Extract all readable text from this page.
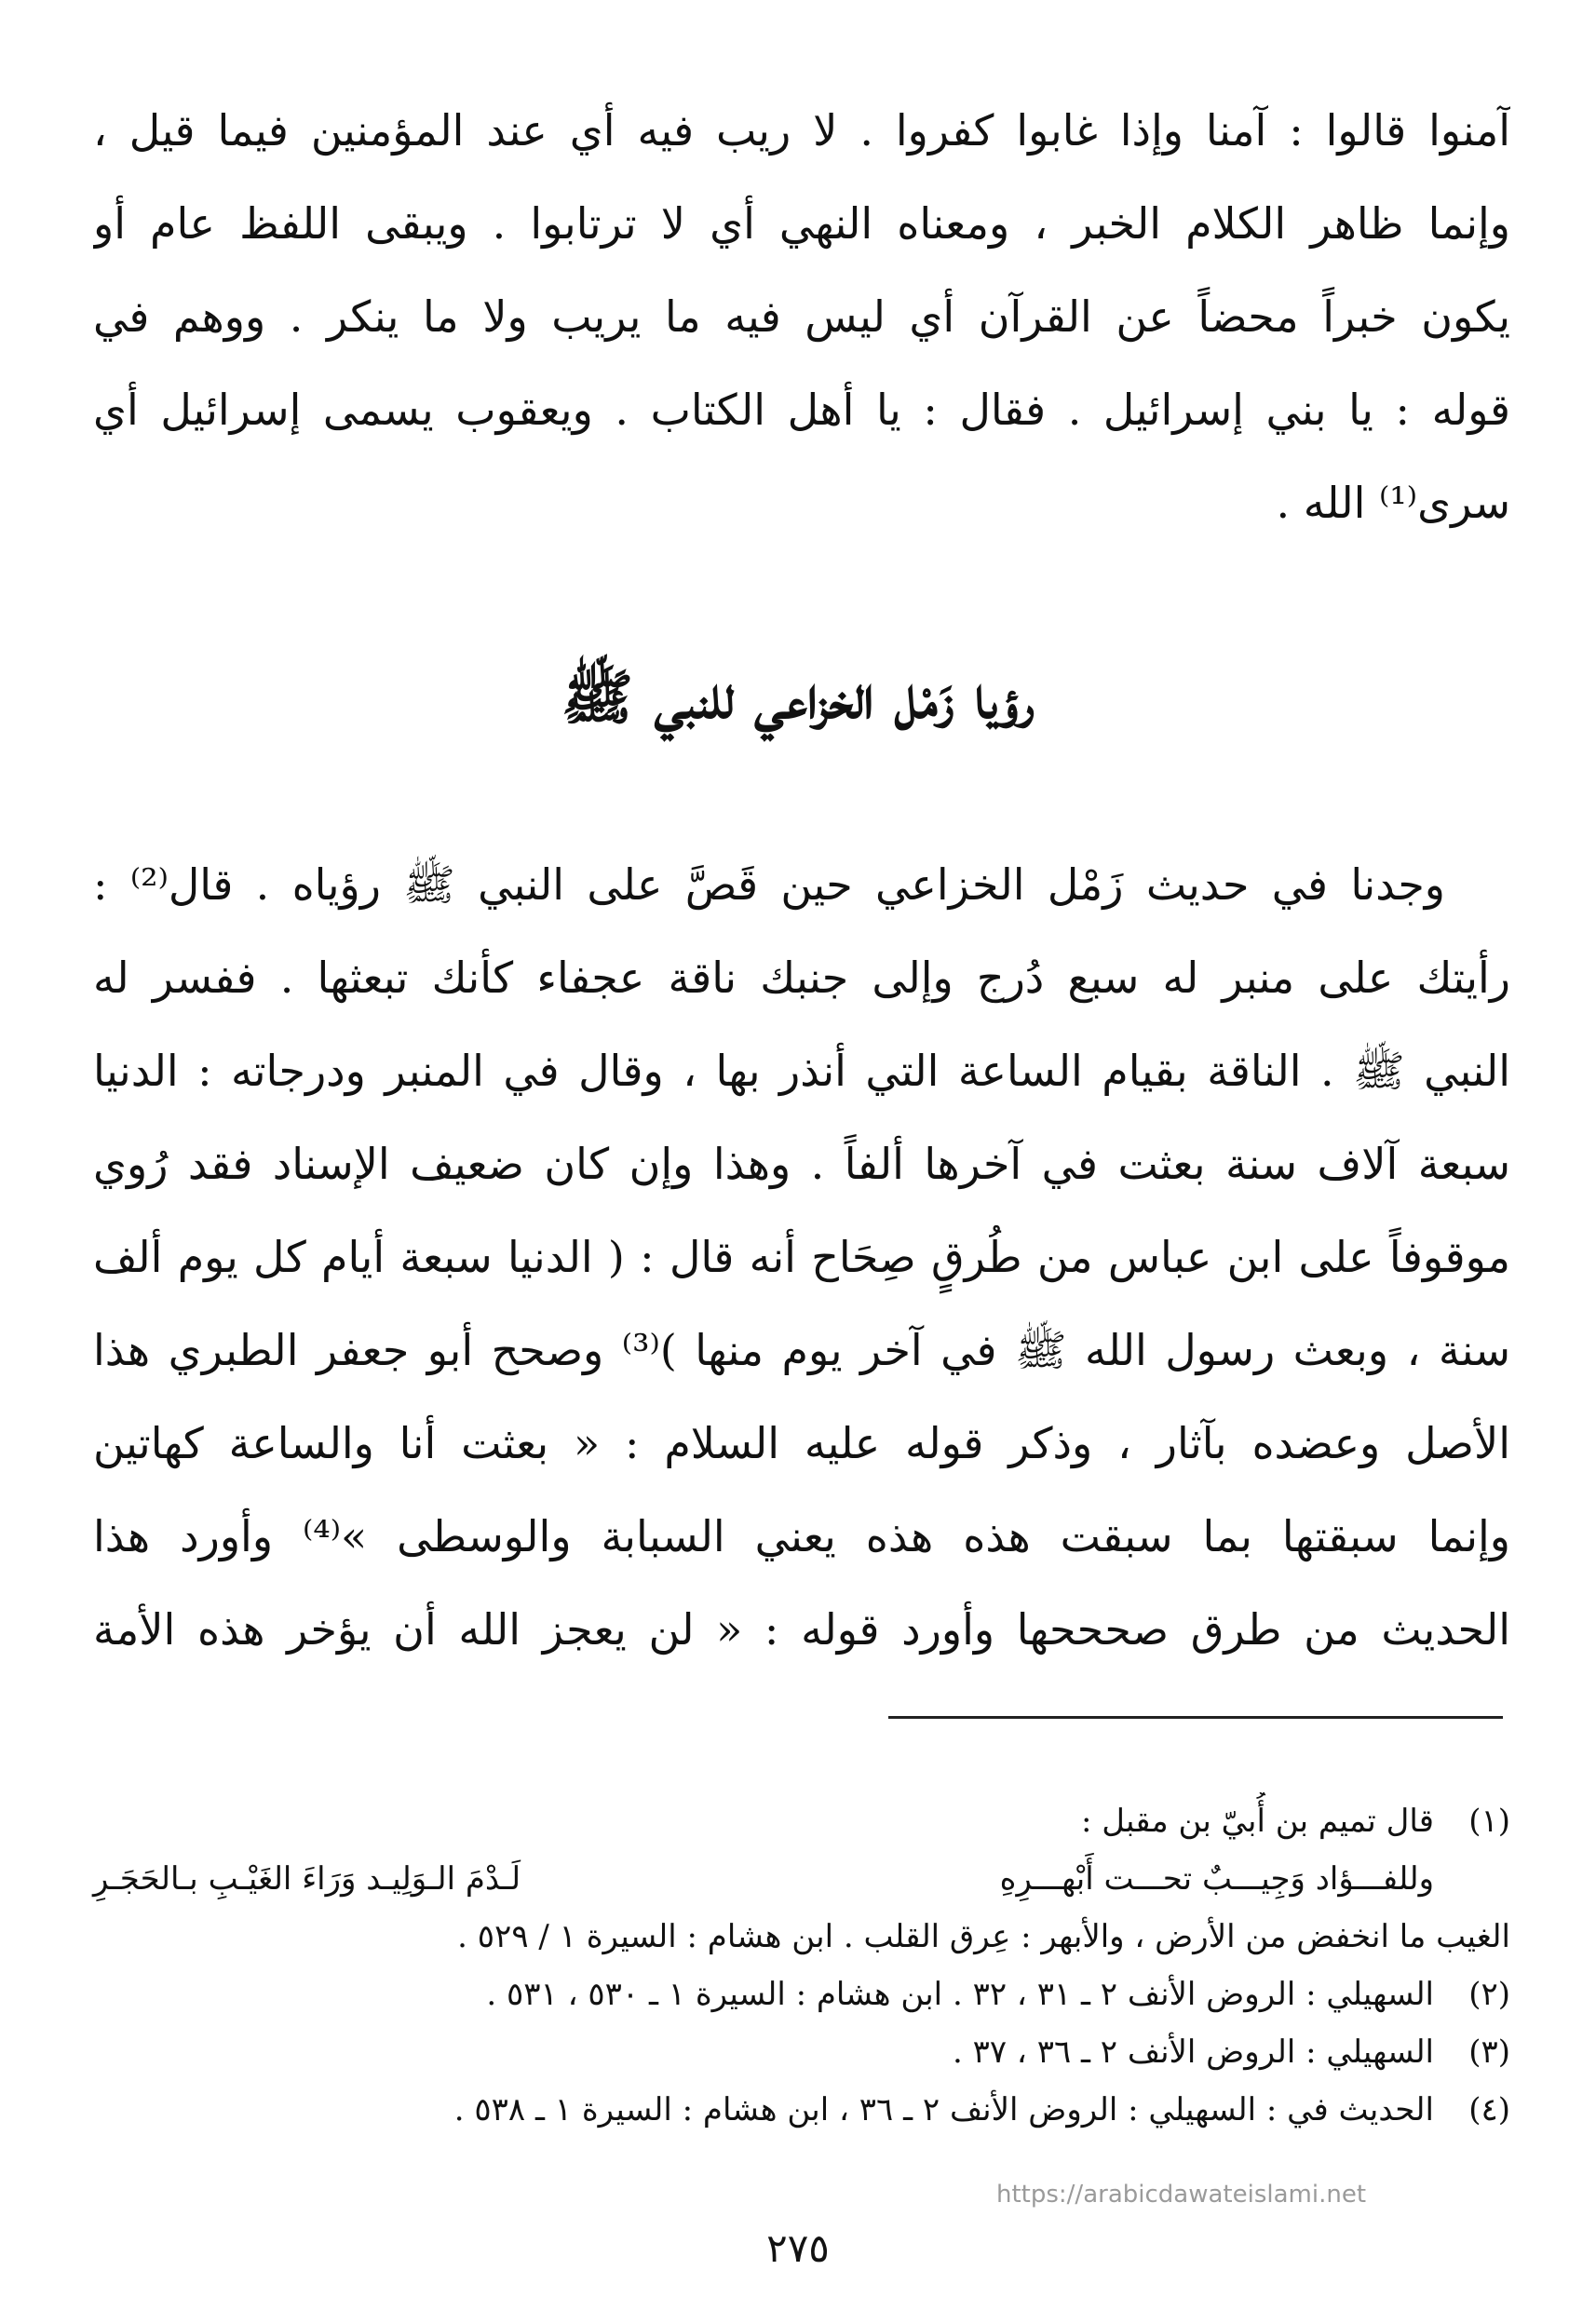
آمنوا قالوا : آمنا وإذا غابوا كفروا . لا ريب فيه أي عند المؤمنين فيما قيل ،
وإنما ظاهر الكلام الخبر ، ومعناه النهي أي لا ترتابوا . ويبقى اللفظ عام أو
يكون خبراً محضاً عن القرآن أي ليس فيه ما يريب ولا ما ينكر . ووهم في
قوله : يا بني إسرائيل . فقال : يا أهل الكتاب . ويعقوب يسمى إسرائيل أي
سرى⁽¹⁾ الله .
رؤيا زَمْل الخزاعي للنبي ﷺ
وجدنا في حديث زَمْل الخزاعي حين قَصَّ على النبي ﷺ رؤياه . قال⁽²⁾ :
رأيتك على منبر له سبع دُرج وإلى جنبك ناقة عجفاء كأنك تبعثها . ففسر له
النبي ﷺ . الناقة بقيام الساعة التي أنذر بها ، وقال في المنبر ودرجاته : الدنيا
سبعة آلاف سنة بعثت في آخرها ألفاً . وهذا وإن كان ضعيف الإسناد فقد رُوي
موقوفاً على ابن عباس من طُرقٍ صِحَاح أنه قال : ( الدنيا سبعة أيام كل يوم ألف
سنة ، وبعث رسول الله ﷺ في آخر يوم منها )⁽³⁾ وصحح أبو جعفر الطبري هذا
الأصل وعضده بآثار ، وذكر قوله عليه السلام : « بعثت أنا والساعة كهاتين
وإنما سبقتها بما سبقت هذه هذه يعني السبابة والوسطى »⁽⁴⁾ وأورد هذا
الحديث من طرق صحححها وأورد قوله : « لن يعجز الله أن يؤخر هذه الأمة
(١)
قال تميم بن أُبيّ بن مقبل :
وللفـــؤاد وَجِيـــبٌ تحـــت أَبْهـــرِهِ
لَـدْمَ الـوَلِيـد وَرَاءَ الغَيْـبِ بـالحَجَـرِ
الغيب ما انخفض من الأرض ، والأبهر : عِرق القلب . ابن هشام : السيرة ١ / ٥٢٩ .
(٢)
السهيلي : الروض الأنف ٢ ـ ٣١ ، ٣٢ . ابن هشام : السيرة ١ ـ ٥٣٠ ، ٥٣١ .
(٣)
السهيلي : الروض الأنف ٢ ـ ٣٦ ، ٣٧ .
(٤)
الحديث في : السهيلي : الروض الأنف ٢ ـ ٣٦ ، ابن هشام : السيرة ١ ـ ٥٣٨ .
https://arabicdawateislami.net
٢٧٥
